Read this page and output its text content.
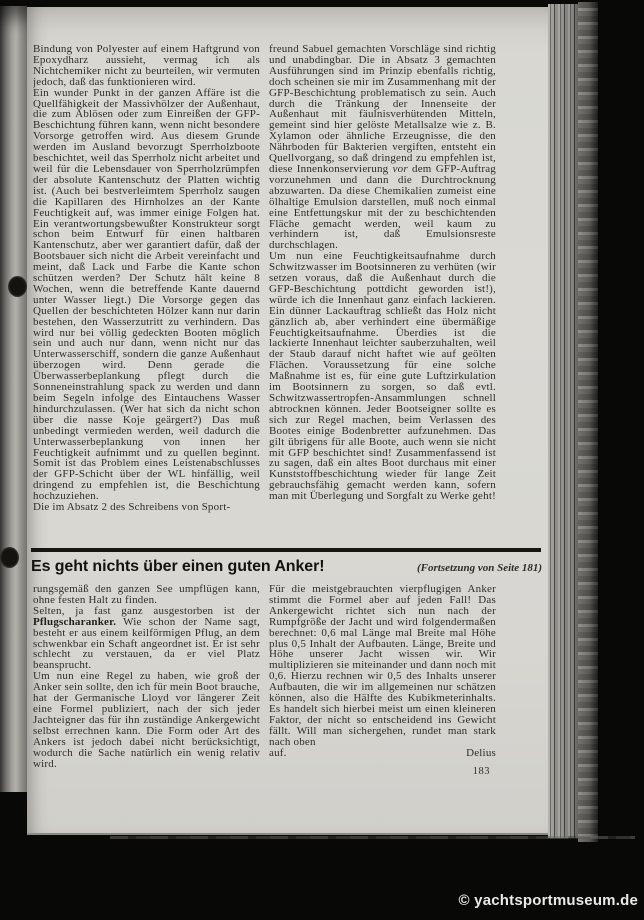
Bindung von Polyester auf einem Haftgrund von Epoxydharz aussieht, vermag ich als Nichtchemiker nicht zu beurteilen, wir vermuten jedoch, daß das funktionieren wird.

Ein wunder Punkt in der ganzen Affäre ist die Quellfähigkeit der Massivhölzer der Außenhaut, die zum Ablösen oder zum Einreißen der GFP-Beschichtung führen kann, wenn nicht besondere Vorsorge getroffen wird. Aus diesem Grunde werden im Ausland bevorzugt Sperrholzboote beschichtet, weil das Sperrholz nicht arbeitet und weil für die Lebensdauer von Sperrholzrümpfen der absolute Kantenschutz der Platten wichtig ist. (Auch bei bestverleimtem Sperrholz saugen die Kapillaren des Hirnholzes an der Kante Feuchtigkeit auf, was immer einige Folgen hat. Ein verantwortungsbewußter Konstrukteur sorgt schon beim Entwurf für einen haltbaren Kantenschutz, aber wer garantiert dafür, daß der Bootsbauer sich nicht die Arbeit vereinfacht und meint, daß Lack und Farbe die Kante schon schützen werden? Der Schutz hält keine 8 Wochen, wenn die betreffende Kante dauernd unter Wasser liegt.) Die Vorsorge gegen das Quellen der beschichteten Hölzer kann nur darin bestehen, den Wasserzutritt zu verhindern. Das wird nur bei völlig gedeckten Booten möglich sein und auch nur dann, wenn nicht nur das Unterwasserschiff, sondern die ganze Außenhaut überzogen wird. Denn gerade die Überwasserbeplankung pflegt durch die Sonneneinstrahlung spack zu werden und dann beim Segeln infolge des Eintauchens Wasser hindurchzulassen. (Wer hat sich da nicht schon über die nasse Koje geärgert?) Das muß unbedingt vermieden werden, weil dadurch die Unterwasserbeplankung von innen her Feuchtigkeit aufnimmt und zu quellen beginnt. Somit ist das Problem eines Leistenabschlusses der GFP-Schicht über der WL hinfällig, weil dringend zu empfehlen ist, die Beschichtung hochzuziehen.

Die im Absatz 2 des Schreibens von Sport-

freund Sabuel gemachten Vorschläge sind richtig und unabdingbar. Die in Absatz 3 gemachten Ausführungen sind im Prinzip ebenfalls richtig, doch scheinen sie mir im Zusammenhang mit der GFP-Beschichtung problematisch zu sein. Auch durch die Tränkung der Innenseite der Außenhaut mit fäulnisverhütenden Mitteln, gemeint sind hier gelöste Metallsalze wie z. B. Xylamon oder ähnliche Erzeugnisse, die den Nährboden für Bakterien vergiften, entsteht ein Quellvorgang, so daß dringend zu empfehlen ist, diese Innenkonservierung vor dem GFP-Auftrag vorzunehmen und dann die Durchtrocknung abzuwarten. Da diese Chemikalien zumeist eine ölhaltige Emulsion darstellen, muß noch einmal eine Entfettungskur mit der zu beschichtenden Fläche gemacht werden, weil kaum zu verhindern ist, daß Emulsionsreste durchschlagen.

Um nun eine Feuchtigkeitsaufnahme durch Schwitzwasser im Bootsinneren zu verhüten (wir setzen voraus, daß die Außenhaut durch die GFP-Beschichtung pottdicht geworden ist!), würde ich die Innenhaut ganz einfach lackieren. Ein dünner Lackauftrag schließt das Holz nicht gänzlich ab, aber verhindert eine übermäßige Feuchtigkeitsaufnahme. Überdies ist die lackierte Innenhaut leichter sauberzuhalten, weil der Staub darauf nicht haftet wie auf geölten Flächen. Voraussetzung für eine solche Maßnahme ist es, für eine gute Luftzirkulation im Bootsinnern zu sorgen, so daß evtl. Schwitzwassertropfen-Ansammlungen schnell abtrocknen können. Jeder Bootseigner sollte es sich zur Regel machen, beim Verlassen des Bootes einige Bodenbretter aufzunehmen. Das gilt übrigens für alle Boote, auch wenn sie nicht mit GFP beschichtet sind! Zusammenfassend ist zu sagen, daß ein altes Boot durchaus mit einer Kunststoffbeschichtung wieder für lange Zeit gebrauchsfähig gemacht werden kann, sofern man mit Überlegung und Sorgfalt zu Werke geht!

Es geht nichts über einen guten Anker!	(Fortsetzung von Seite 181)

rungsgemäß den ganzen See umpflügen kann, ohne festen Halt zu finden.

Selten, ja fast ganz ausgestorben ist der Pflugscharanker. Wie schon der Name sagt, besteht er aus einem keilförmigen Pflug, an dem schwenkbar ein Schaft angeordnet ist. Er ist sehr schlecht zu verstauen, da er viel Platz beansprucht.

Um nun eine Regel zu haben, wie groß der Anker sein sollte, den ich für mein Boot brauche, hat der Germanische Lloyd vor längerer Zeit eine Formel publiziert, nach der sich jeder Jachteigner das für ihn zuständige Ankergewicht selbst errechnen kann. Die Form oder Art des Ankers ist jedoch dabei nicht berücksichtigt, wodurch die Sache natürlich ein wenig relativ wird.

Für die meistgebrauchten vierpflugigen Anker stimmt die Formel aber auf jeden Fall! Das Ankergewicht richtet sich nun nach der Rumpfgröße der Jacht und wird folgendermaßen berechnet: 0,6 mal Länge mal Breite mal Höhe plus 0,5 Inhalt der Aufbauten. Länge, Breite und Höhe unserer Jacht wissen wir. Wir multiplizieren sie miteinander und dann noch mit 0,6. Hierzu rechnen wir 0,5 des Inhalts unserer Aufbauten, die wir im allgemeinen nur schätzen können, also die Hälfte des Kubikmeterinhalts. Es handelt sich hierbei meist um einen kleineren Faktor, der nicht so entscheidend ins Gewicht fällt. Will man sichergehen, rundet man stark nach oben

auf.	Delius
183
© yachtsportmuseum.de
